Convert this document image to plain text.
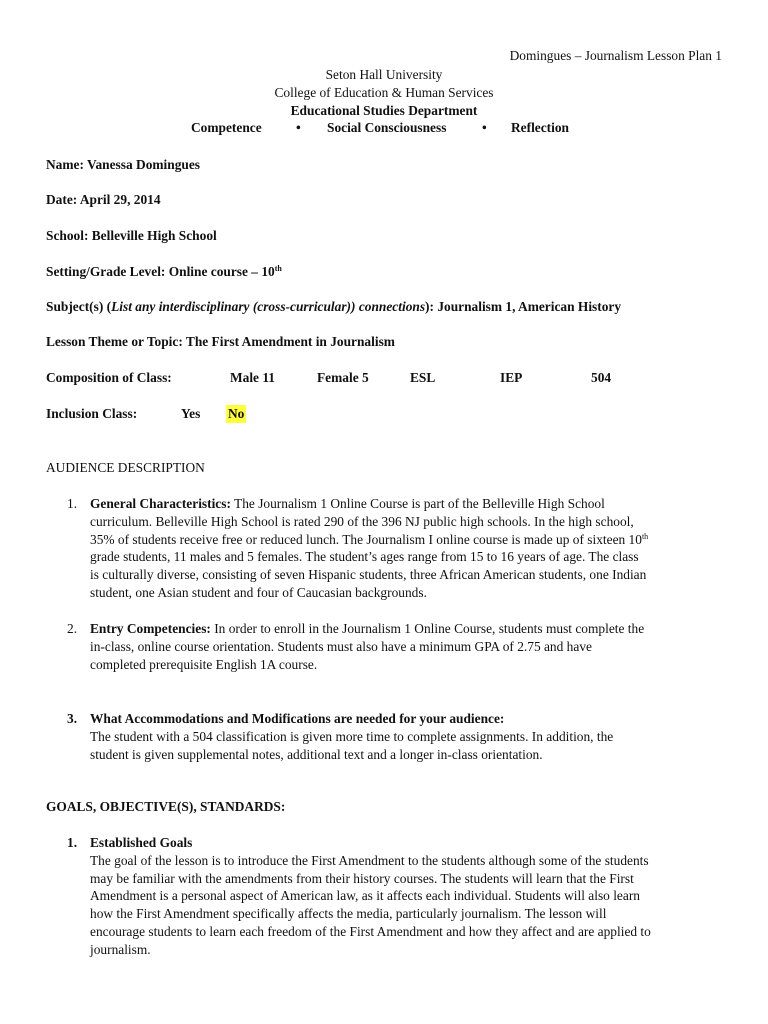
Domingues – Journalism Lesson Plan 1
Seton Hall University
College of Education & Human Services
Educational Studies Department
Competence	• Social Consciousness	• Reflection
Name: Vanessa Domingues
Date: April 29, 2014
School: Belleville High School
Setting/Grade Level: Online course – 10th
Subject(s) (List any interdisciplinary (cross-curricular)) connections): Journalism 1, American History
Lesson Theme or Topic: The First Amendment in Journalism
Composition of Class:	Male 11	Female 5	ESL	IEP	504
Inclusion Class:	Yes No
AUDIENCE DESCRIPTION
1. General Characteristics: The Journalism 1 Online Course is part of the Belleville High School
curriculum. Belleville High School is rated 290 of the 396 NJ public high schools. In the high school,
35% of students receive free or reduced lunch. The Journalism I online course is made up of sixteen 10th
grade students, 11 males and 5 females. The student’s ages range from 15 to 16 years of age. The class
is culturally diverse, consisting of seven Hispanic students, three African American students, one Indian
student, one Asian student and four of Caucasian backgrounds.
2. Entry Competencies: In order to enroll in the Journalism 1 Online Course, students must complete the
in-class, online course orientation. Students must also have a minimum GPA of 2.75 and have
completed prerequisite English 1A course.
3. What Accommodations and Modifications are needed for your audience:
The student with a 504 classification is given more time to complete assignments. In addition, the
student is given supplemental notes, additional text and a longer in-class orientation.
GOALS, OBJECTIVE(S), STANDARDS:
1. Established Goals
The goal of the lesson is to introduce the First Amendment to the students although some of the students
may be familiar with the amendments from their history courses. The students will learn that the First
Amendment is a personal aspect of American law, as it affects each individual. Students will also learn
how the First Amendment specifically affects the media, particularly journalism. The lesson will
encourage students to learn each freedom of the First Amendment and how they affect and are applied to
journalism.
